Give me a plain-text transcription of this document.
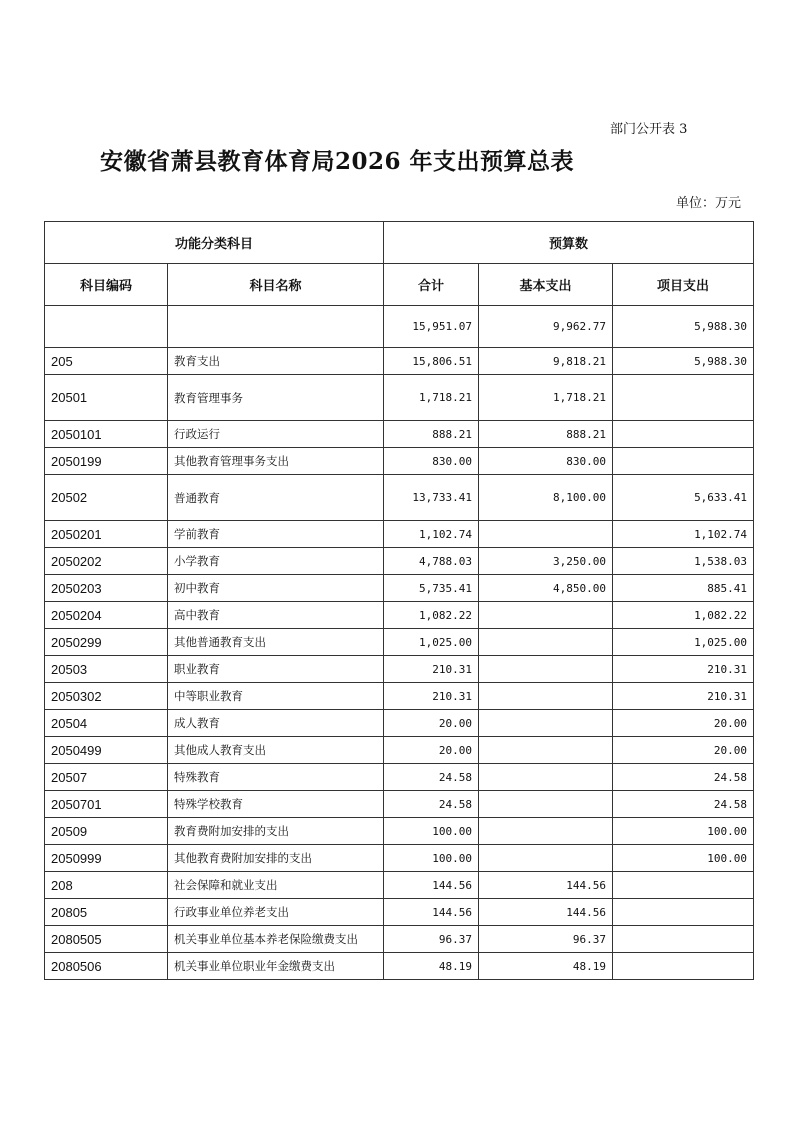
部门公开表 3
安徽省萧县教育体育局2026 年支出预算总表
单位：万元
功能分类科目		预算数		
科目编码	科目名称	合计	基本支出	项目支出
		15,951.07	9,962.77	5,988.30
205	教育支出	15,806.51	9,818.21	5,988.30
20501	教育管理事务	1,718.21	1,718.21	
2050101	行政运行	888.21	888.21	
2050199	其他教育管理事务支出	830.00	830.00	
20502	普通教育	13,733.41	8,100.00	5,633.41
2050201	学前教育	1,102.74		1,102.74
2050202	小学教育	4,788.03	3,250.00	1,538.03
2050203	初中教育	5,735.41	4,850.00	885.41
2050204	高中教育	1,082.22		1,082.22
2050299	其他普通教育支出	1,025.00		1,025.00
20503	职业教育	210.31		210.31
2050302	中等职业教育	210.31		210.31
20504	成人教育	20.00		20.00
2050499	其他成人教育支出	20.00		20.00
20507	特殊教育	24.58		24.58
2050701	特殊学校教育	24.58		24.58
20509	教育费附加安排的支出	100.00		100.00
2050999	其他教育费附加安排的支出	100.00		100.00
208	社会保障和就业支出	144.56	144.56	
20805	行政事业单位养老支出	144.56	144.56	
2080505	机关事业单位基本养老保险缴费支出	96.37	96.37	
2080506	机关事业单位职业年金缴费支出	48.19	48.19	
